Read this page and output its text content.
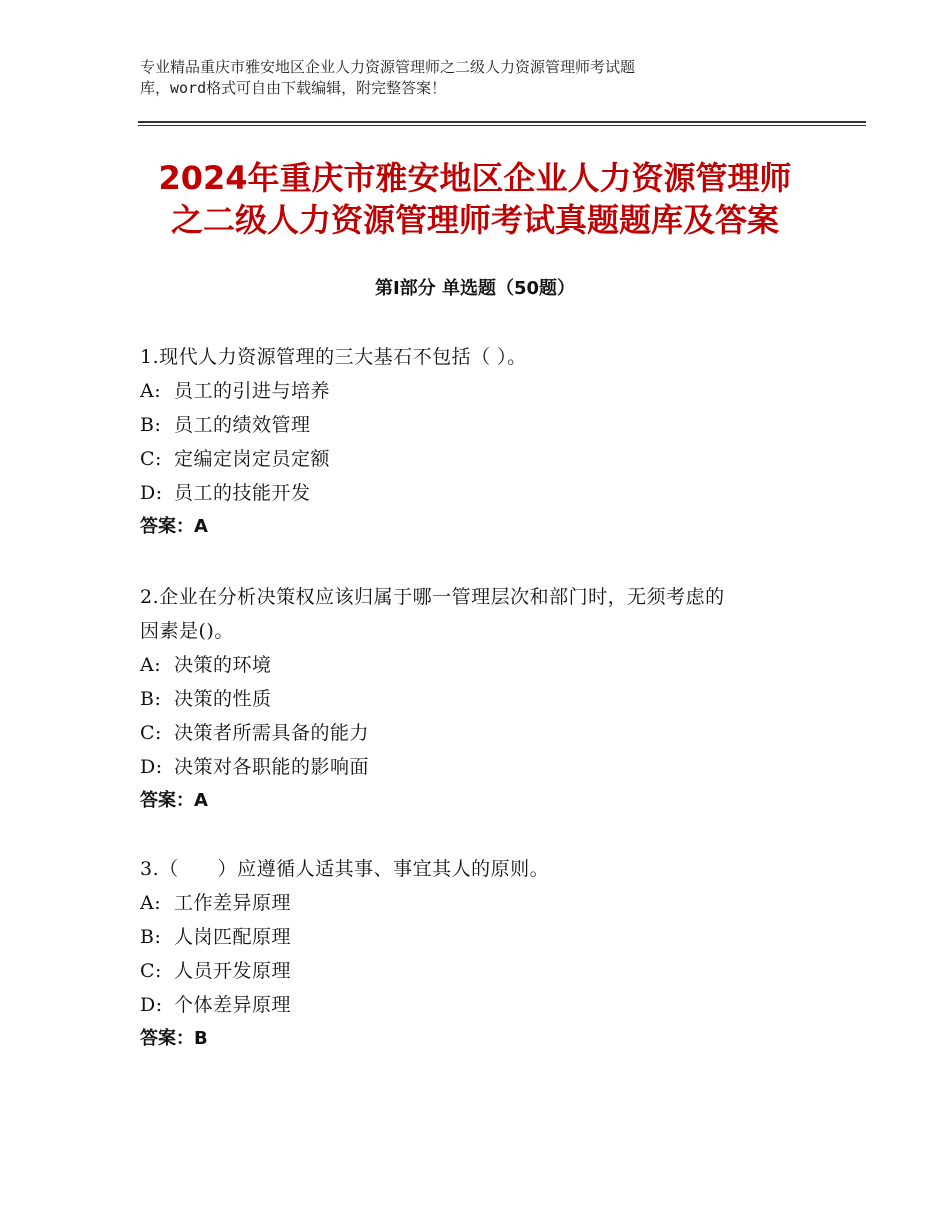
专业精品重庆市雅安地区企业人力资源管理师之二级人力资源管理师考试题
库，word格式可自由下载编辑，附完整答案！
2024年重庆市雅安地区企业人力资源管理师
之二级人力资源管理师考试真题题库及答案
第Ⅰ部分 单选题（50题）
1.现代人力资源管理的三大基石不包括（ ）。
A: 员工的引进与培养
B: 员工的绩效管理
C: 定编定岗定员定额
D: 员工的技能开发
答案：A
2.企业在分析决策权应该归属于哪一管理层次和部门时，无须考虑的
因素是()。
A: 决策的环境
B: 决策的性质
C: 决策者所需具备的能力
D: 决策对各职能的影响面
答案：A
3.（　　）应遵循人适其事、事宜其人的原则。
A: 工作差异原理
B: 人岗匹配原理
C: 人员开发原理
D: 个体差异原理
答案：B
